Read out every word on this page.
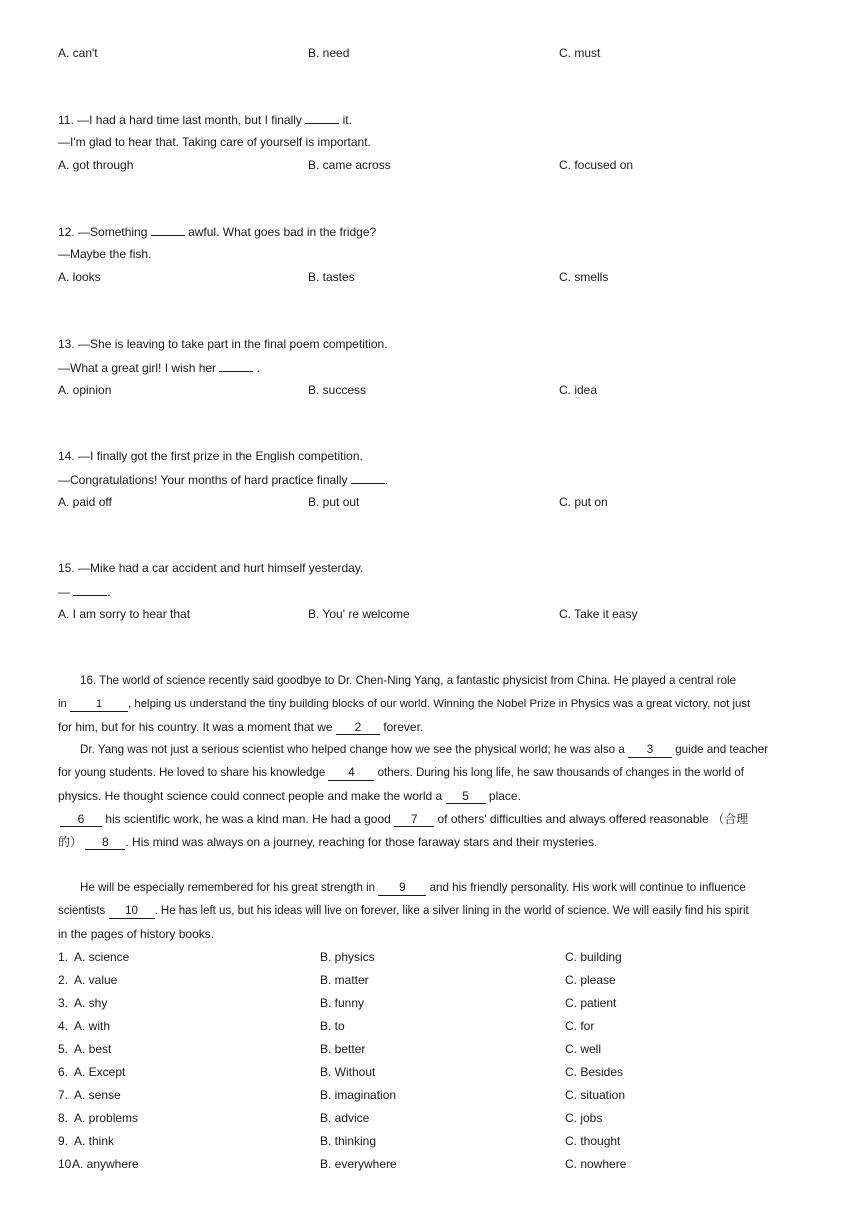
A. can't	B. need	C. must
11. —I had a hard time last month, but I finally	it.
—I'm glad to hear that. Taking care of yourself is important.
A. got through	B. came across	C. focused on
12. —Something	awful. What goes bad in the fridge?
—Maybe the fish.
A. looks	B. tastes	C. smells
13. —She is leaving to take part in the final poem competition.
—What a great girl! I wish her	.
A. opinion	B. success	C. idea
14. —I finally got the first prize in the English competition.
—Congratulations! Your months of hard practice finally	.
A. paid off	B. put out	C. put on
15. —Mike had a car accident and hurt himself yesterday.
—	.
A. I am sorry to hear that	B. You' re welcome	C. Take it easy
16. The world of science recently said goodbye to Dr. Chen-Ning Yang, a fantastic physicist from China. He played a central role
in	1 , helping us understand the tiny building blocks of our world. Winning the Nobel Prize in Physics was a great victory, not just
for him, but for his country. It was a moment that we 2 forever.
Dr. Yang was not just a serious scientist who helped change how we see the physical world; he was also a 3 guide and teacher
for young students. He loved to share his knowledge 4 others. During his long life, he saw thousands of changes in the world of
physics. He thought science could connect people and make the world a 5 place.
6 his scientific work, he was a kind man. He had a good 7 of others' difficulties and always offered reasonable （合理
的） 8 . His mind was always on a journey, reaching for those faraway stars and their mysteries.
He will be especially remembered for his great strength in 9 and his friendly personality. His work will continue to influence
scientists 10 . He has left us, but his ideas will live on forever, like a silver lining in the world of science. We will easily find his spirit
in the pages of history books.
1. A. science	B. physics	C. building
2. A. value	B. matter	C. please
3. A. shy	B. funny	C. patient
4. A. with	B. to	C. for
5. A. best	B. better	C. well
6. A. Except	B. Without	C. Besides
7. A. sense	B. imagination	C. situation
8. A. problems	B. advice	C. jobs
9. A. think	B. thinking	C. thought
10.
A. anywhere	B. everywhere	C. nowhere
